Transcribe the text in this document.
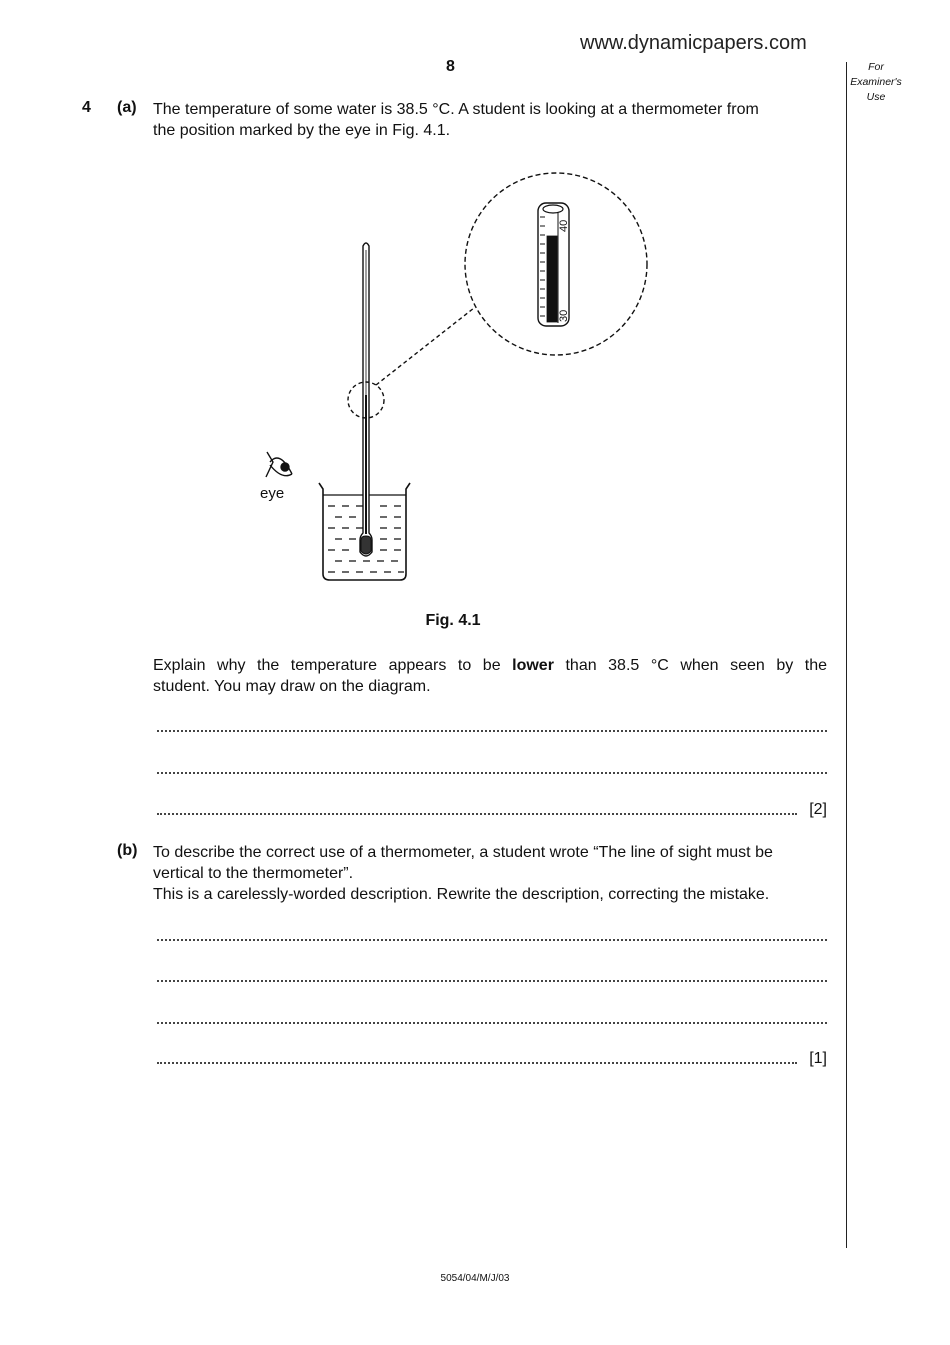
www.dynamicpapers.com
8	For
Examiner's
Use
4 (a) The temperature of some water is 38.5 °C. A student is looking at a thermometer from
the position marked by the eye in Fig. 4.1.
40
30
eye
Fig. 4.1
Explain why the temperature appears to be lower than 38.5 °C when seen by the
student. You may draw on the diagram.
[2]
(b) To describe the correct use of a thermometer, a student wrote “The line of sight must be
vertical to the thermometer”.
This is a carelessly-worded description. Rewrite the description, correcting the mistake.
[1]
5054/04/M/J/03
